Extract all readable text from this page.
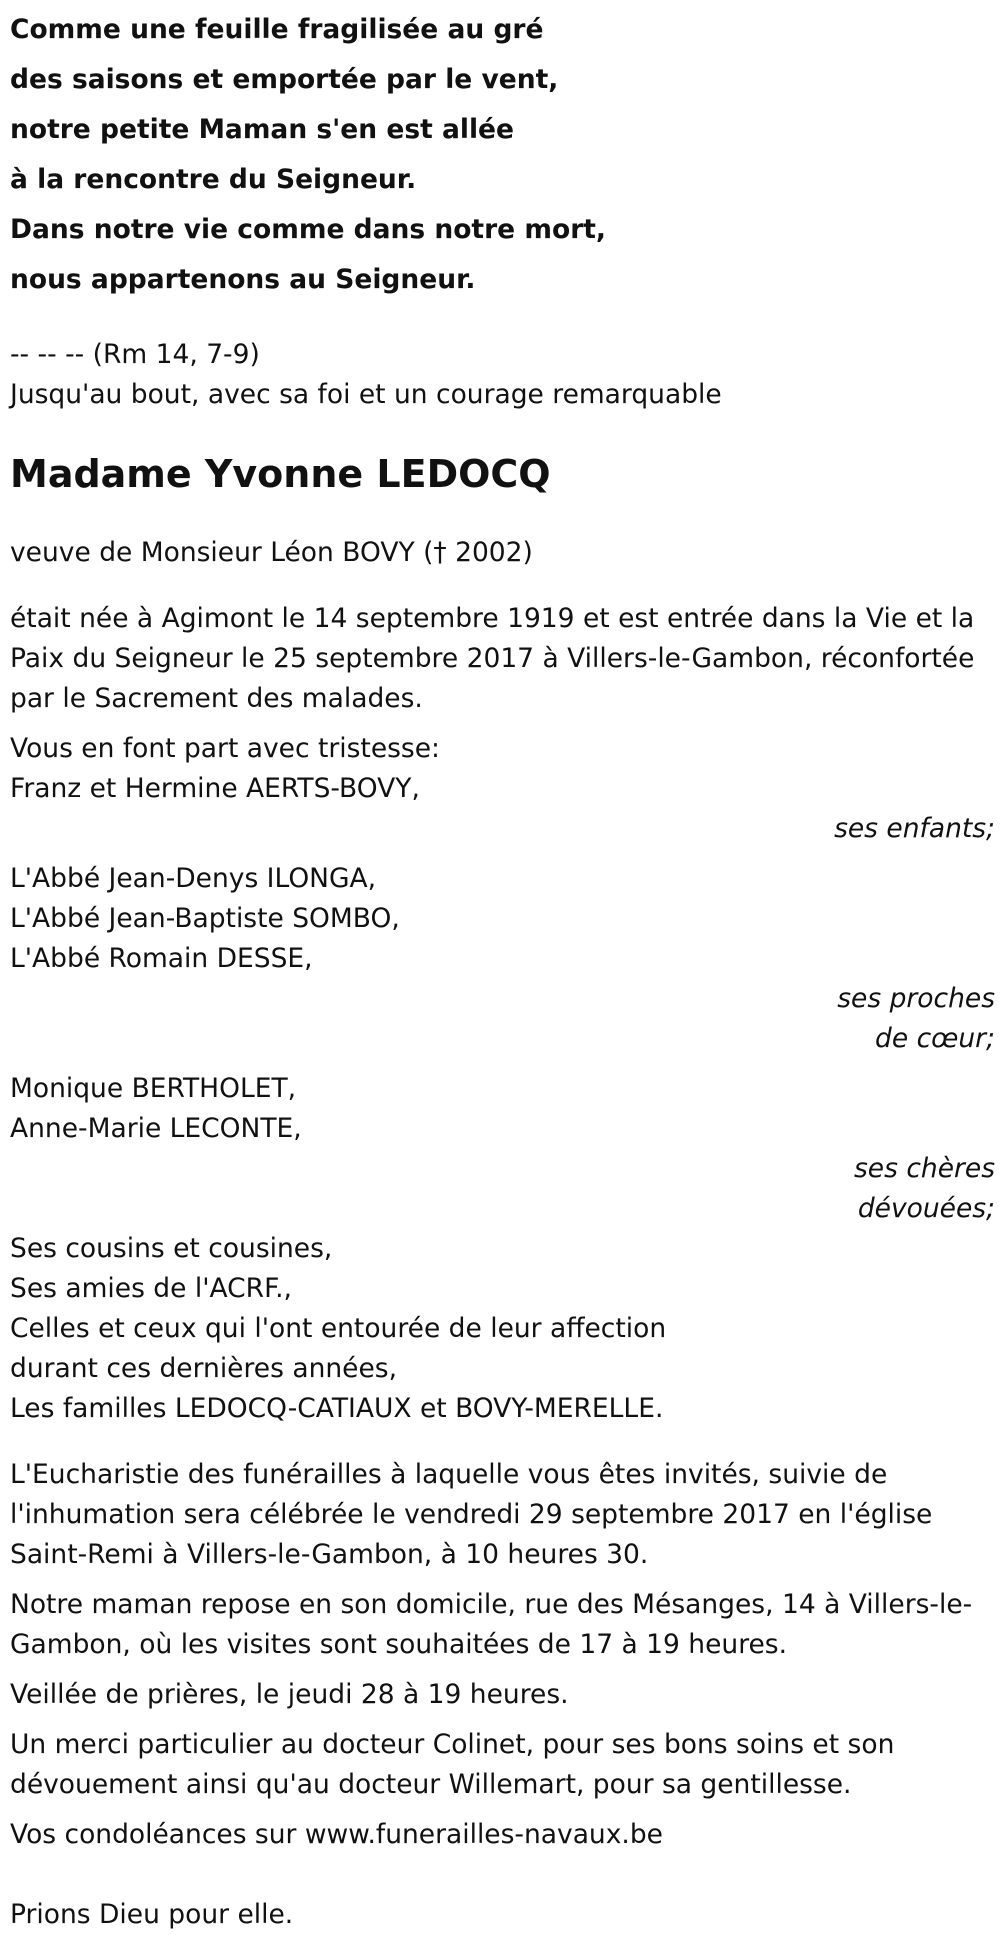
Comme une feuille fragilisée au gré
des saisons et emportée par le vent,
notre petite Maman s'en est allée
à la rencontre du Seigneur.
Dans notre vie comme dans notre mort,
nous appartenons au Seigneur.
-- -- -- (Rm 14, 7-9)
Jusqu'au bout, avec sa foi et un courage remarquable
Madame Yvonne LEDOCQ
veuve de Monsieur Léon BOVY († 2002)
était née à Agimont le 14 septembre 1919 et est entrée dans la Vie et la Paix du Seigneur le 25 septembre 2017 à Villers-le-Gambon, réconfortée par le Sacrement des malades.
Vous en font part avec tristesse:
Franz et Hermine AERTS-BOVY,
ses enfants;
L'Abbé Jean-Denys ILONGA,
L'Abbé Jean-Baptiste SOMBO,
L'Abbé Romain DESSE,
ses proches de cœur;
Monique BERTHOLET,
Anne-Marie LECONTE,
ses chères dévouées;
Ses cousins et cousines,
Ses amies de l'ACRF.,
Celles et ceux qui l'ont entourée de leur affection
durant ces dernières années,
Les familles LEDOCQ-CATIAUX et BOVY-MERELLE.
L'Eucharistie des funérailles à laquelle vous êtes invités, suivie de l'inhumation sera célébrée le vendredi 29 septembre 2017 en l'église Saint-Remi à Villers-le-Gambon, à 10 heures 30.
Notre maman repose en son domicile, rue des Mésanges, 14 à Villers-le-Gambon, où les visites sont souhaitées de 17 à 19 heures.
Veillée de prières, le jeudi 28 à 19 heures.
Un merci particulier au docteur Colinet, pour ses bons soins et son dévouement ainsi qu'au docteur Willemart, pour sa gentillesse.
Vos condoléances sur www.funerailles-navaux.be
Prions Dieu pour elle.
